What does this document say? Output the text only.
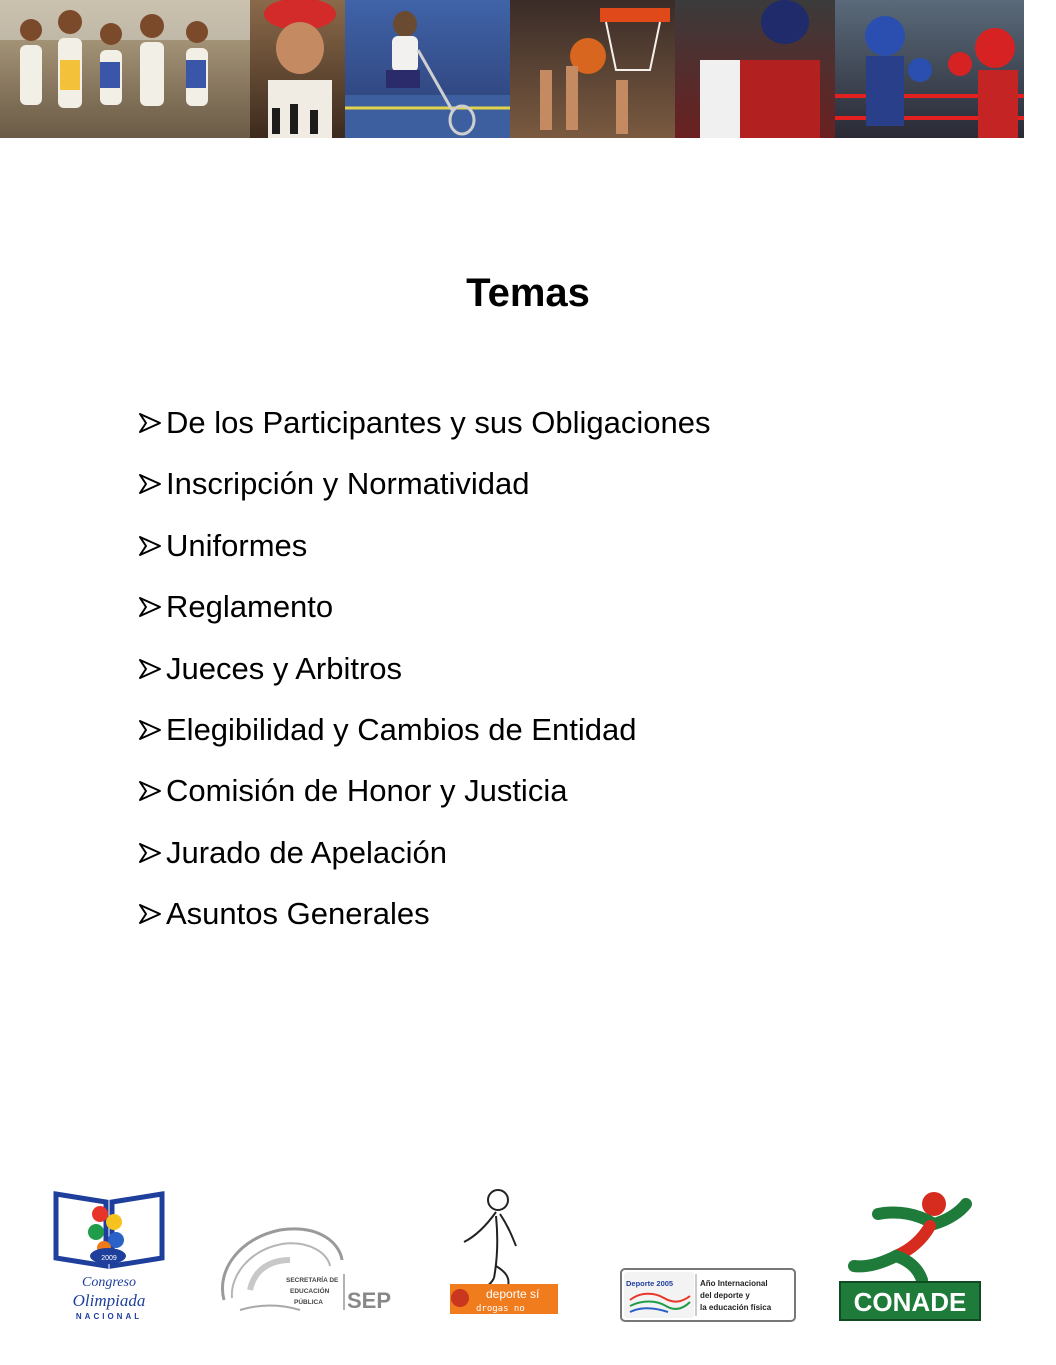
Temas
De los Participantes y sus Obligaciones
Inscripción y Normatividad
Uniformes
Reglamento
Jueces y Arbitros
Elegibilidad y Cambios de Entidad
Comisión de Honor y Justicia
Jurado de Apelación
Asuntos Generales
2009
Congreso
Olimpiada
NACIONAL
SECRETARÍA DE
EDUCACIÓN
PÚBLICA SEP	deporte sí
drogas no
Deporte 2005	Año Internacional
del deporte y
la educación física	CONADE
